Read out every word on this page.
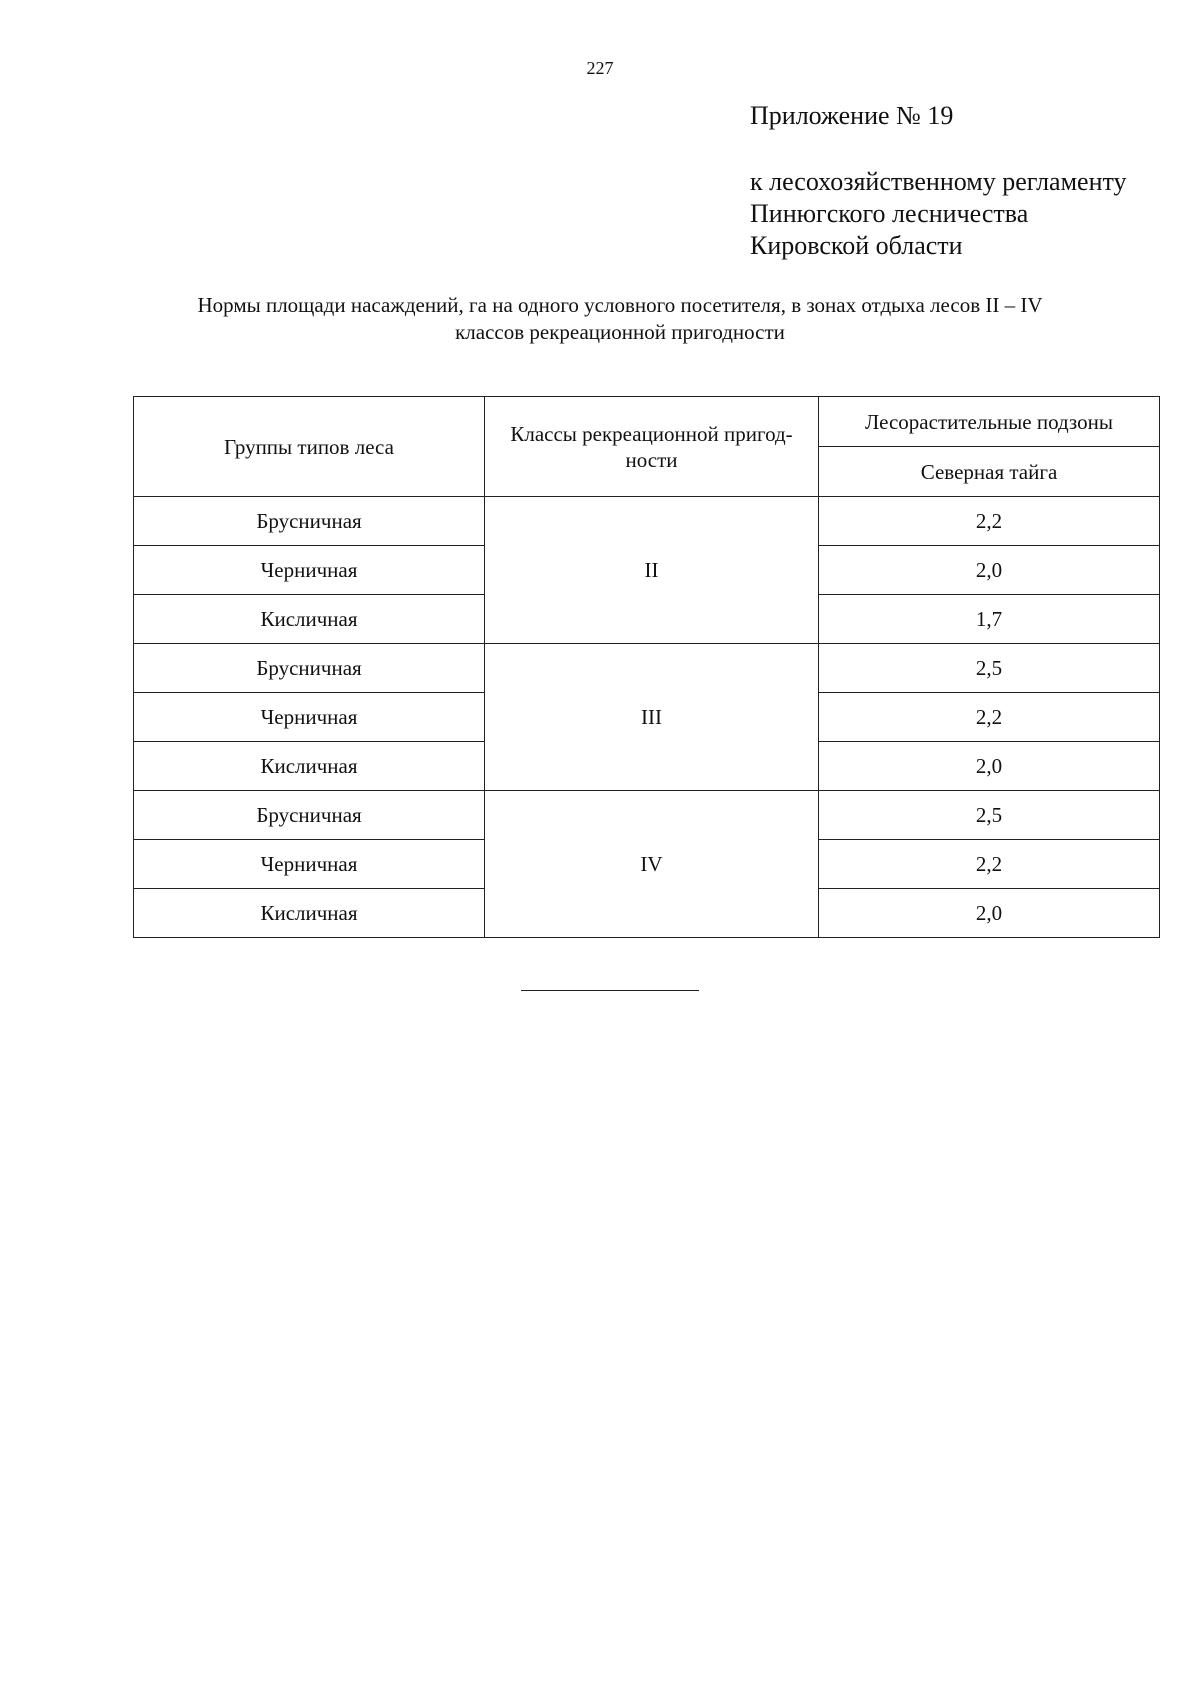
227
Приложение № 19
к лесохозяйственному регламенту
Пинюгского лесничества
Кировской области
Нормы площади насаждений, га на одного условного посетителя, в зонах отдыха лесов II – IV
классов рекреационной пригодности
Группы типов леса	Классы рекреационной пригод-ности	Лесорастительные подзоны
		Северная тайга
Брусничная	II	2,2
Черничная		2,0
Кисличная		1,7
Брусничная	III	2,5
Черничная		2,2
Кисличная		2,0
Брусничная	IV	2,5
Черничная		2,2
Кисличная		2,0
